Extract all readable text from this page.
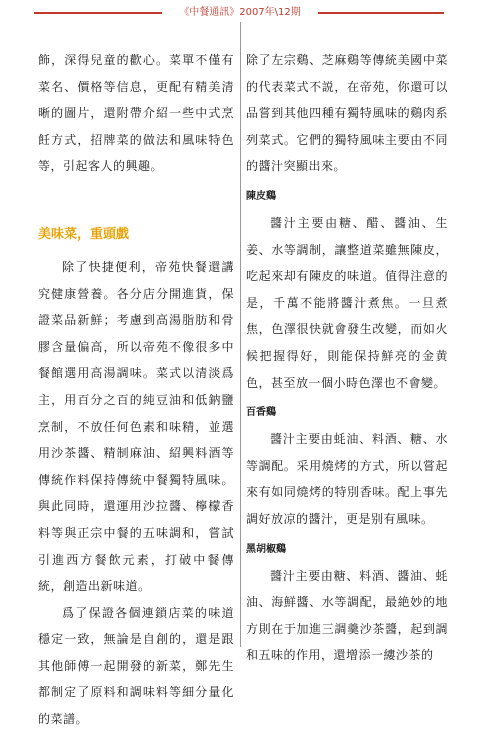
《中餐通訊》2007年\12期

飾，深得兒童的歡心。菜單不僅有菜名、價格等信息，更配有精美清晰的圖片，還附帶介紹一些中式烹飪方式，招牌菜的做法和風味特色等，引起客人的興趣。

美味菜，重頭戲

除了快捷便利，帝苑快餐還講究健康營養。各分店分開進貨，保證菜品新鮮；考慮到高湯脂肪和骨膠含量偏高，所以帝苑不像很多中餐館選用高湯調味。菜式以清淡爲主，用百分之百的純豆油和低鈉鹽烹制，不放任何色素和味精，並選用沙茶醬、精制麻油、紹興料酒等傳統作料保持傳統中餐獨特風味。與此同時，還運用沙拉醬、檸檬香料等與正宗中餐的五味調和，嘗試引進西方餐飲元素，打破中餐傳統，創造出新味道。

爲了保證各個連鎖店菜的味道穩定一致，無論是自創的，還是跟其他師傅一起開發的新菜，鄭先生都制定了原料和調味料等細分量化的菜譜。

除了左宗鷄、芝麻鷄等傳統美國中菜的代表菜式不説，在帝苑，你還可以品嘗到其他四種有獨特風味的鷄肉系列菜式。它們的獨特風味主要由不同的醬汁突顯出來。

陳皮鷄

醬汁主要由糖、醋、醬油、生姜、水等調制，讓整道菜雖無陳皮，吃起來却有陳皮的味道。值得注意的是，千萬不能將醬汁煮焦。一旦煮焦，色澤很快就會發生改變，而如火候把握得好，則能保持鮮亮的金黄色，甚至放一個小時色澤也不會變。

百香鷄

醬汁主要由蚝油、料酒、糖、水等調配。采用燒烤的方式，所以嘗起來有如同燒烤的特別香味。配上事先調好放凉的醬汁，更是别有風味。

黑胡椒鷄

醬汁主要由糖、料酒、醬油、蚝油、海鮮醬、水等調配，最絶妙的地方則在于加進三調羹沙茶醬，起到調和五味的作用，還增添一縷沙茶的
